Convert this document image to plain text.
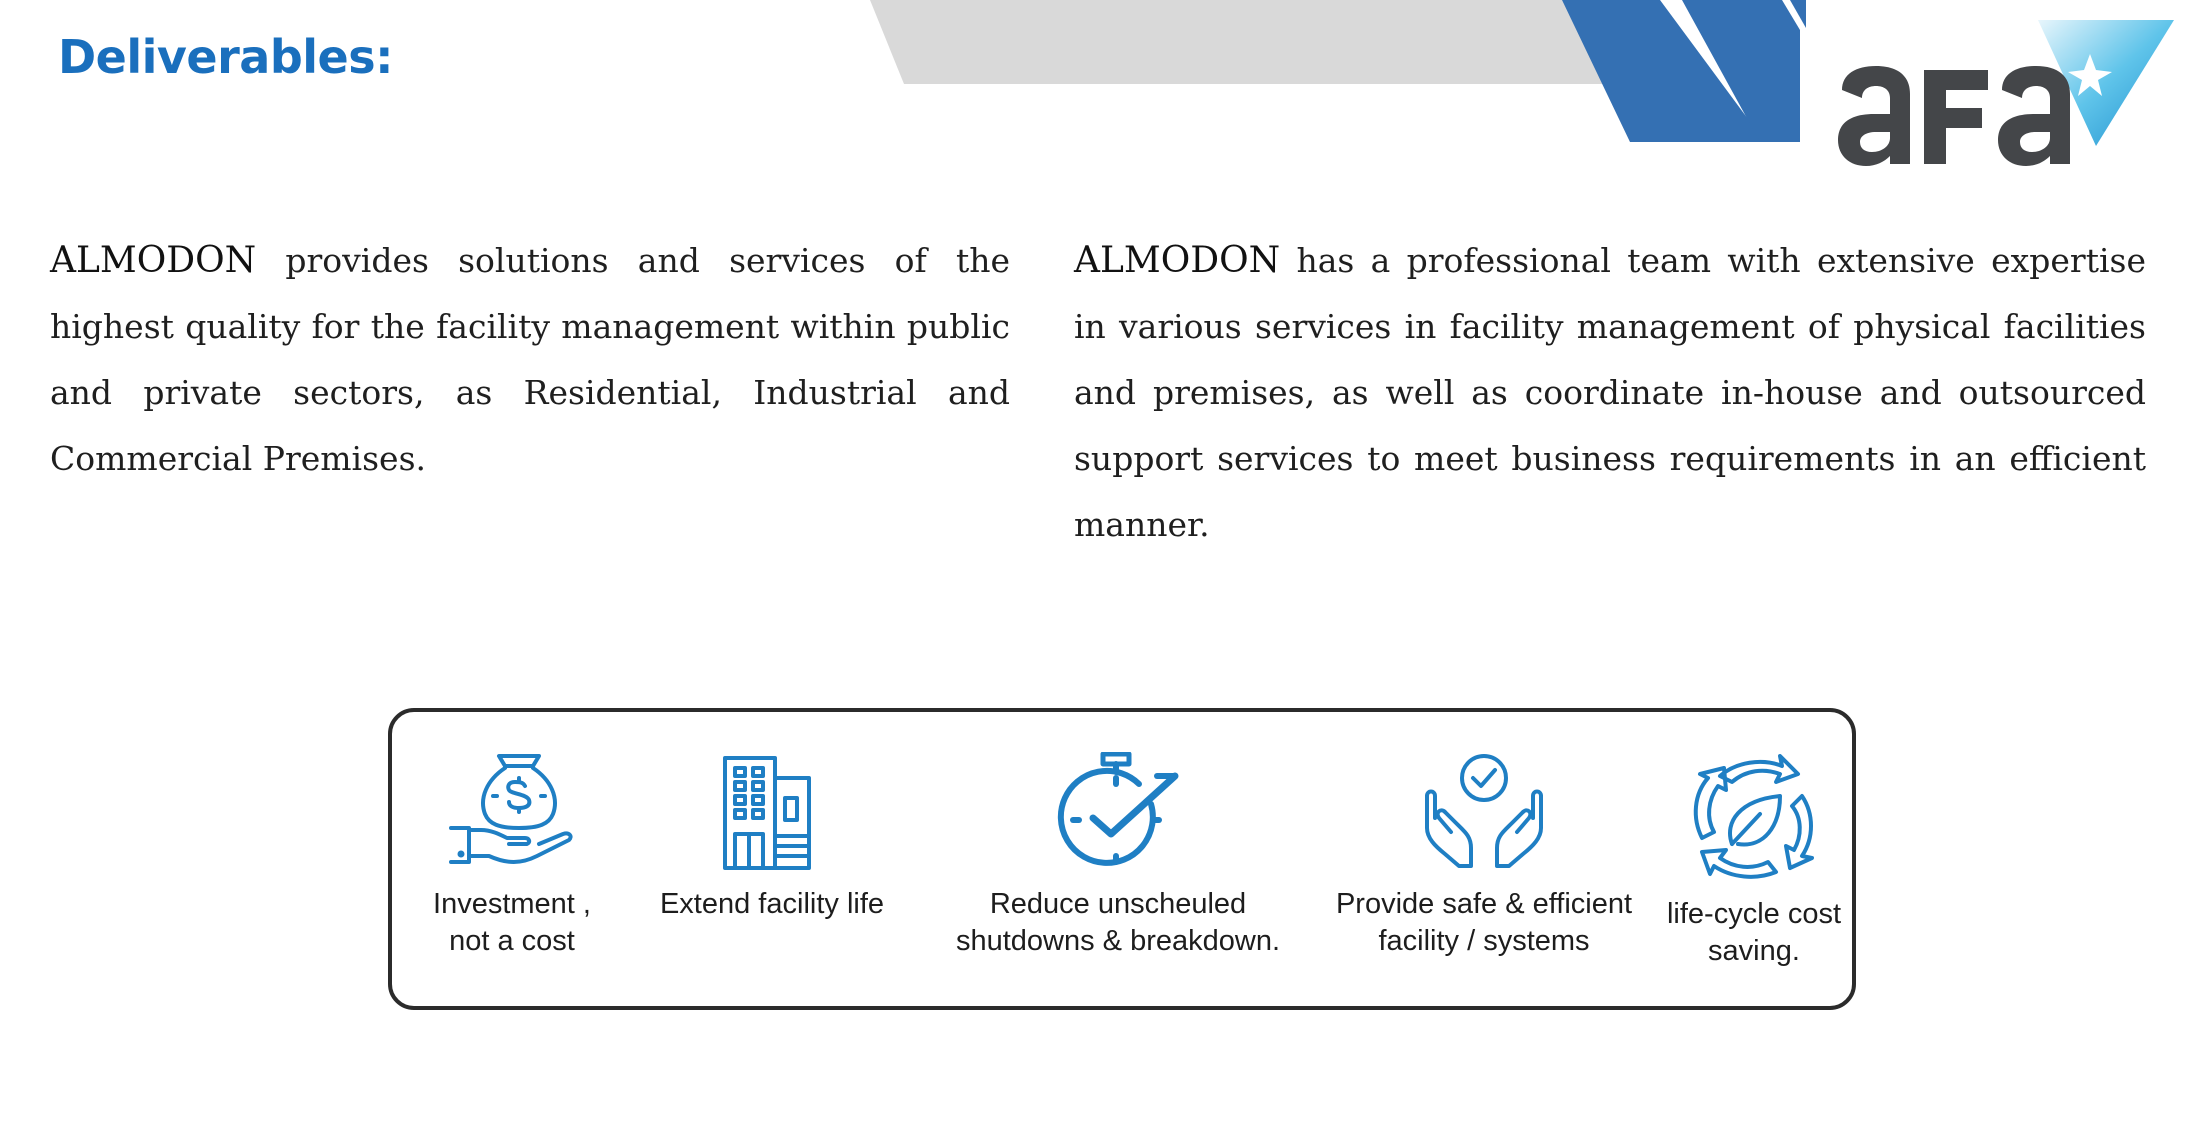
Deliverables:

ALMODON provides solutions and services of the highest quality for the facility management within public and private sectors, as Residential, Industrial and Commercial Premises.

ALMODON has a professional team with extensive expertise in various services in facility management of physical facilities and premises, as well as coordinate in-house and outsourced support services to meet business requirements in an efficient manner.

Investment ,
not a cost
Extend facility life	Reduce unscheuled
shutdowns & breakdown.
Provide safe & efficient
facility / systems
life-cycle cost
saving.
